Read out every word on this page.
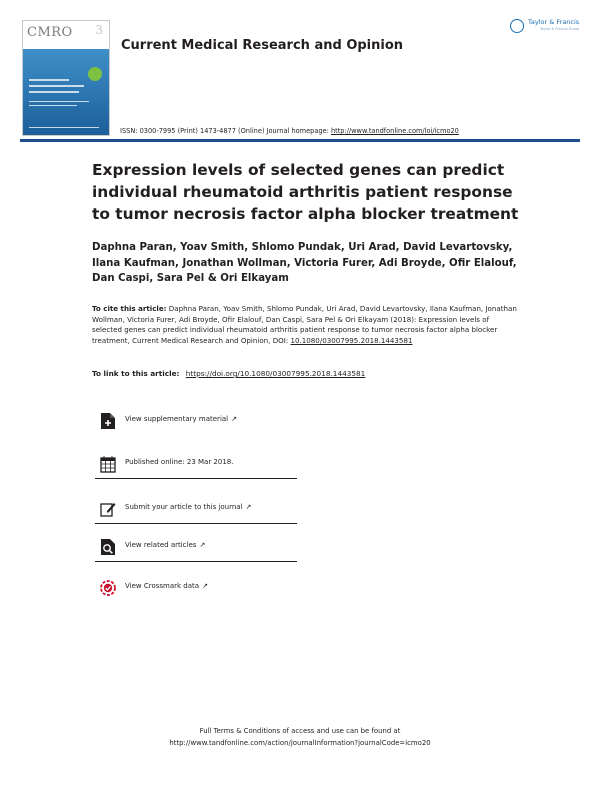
CMRO 3
Current Medical Research and Opinion
Taylor & Francis
Taylor & Francis Group
ISSN: 0300-7995 (Print) 1473-4877 (Online) Journal homepage: http://www.tandfonline.com/loi/icmo20
Expression levels of selected genes can predict individual rheumatoid arthritis patient response to tumor necrosis factor alpha blocker treatment

Daphna Paran, Yoav Smith, Shlomo Pundak, Uri Arad, David Levartovsky, Ilana Kaufman, Jonathan Wollman, Victoria Furer, Adi Broyde, Ofir Elalouf, Dan Caspi, Sara Pel & Ori Elkayam

To cite this article: Daphna Paran, Yoav Smith, Shlomo Pundak, Uri Arad, David Levartovsky, Ilana Kaufman, Jonathan Wollman, Victoria Furer, Adi Broyde, Ofir Elalouf, Dan Caspi, Sara Pel & Ori Elkayam (2018): Expression levels of selected genes can predict individual rheumatoid arthritis patient response to tumor necrosis factor alpha blocker treatment, Current Medical Research and Opinion, DOI: 10.1080/03007995.2018.1443581

To link to this article: https://doi.org/10.1080/03007995.2018.1443581
View supplementary material ↗
Published online: 23 Mar 2018.
Submit your article to this journal ↗
View related articles ↗
View Crossmark data ↗

Full Terms & Conditions of access and use can be found at
http://www.tandfonline.com/action/journalInformation?journalCode=icmo20
